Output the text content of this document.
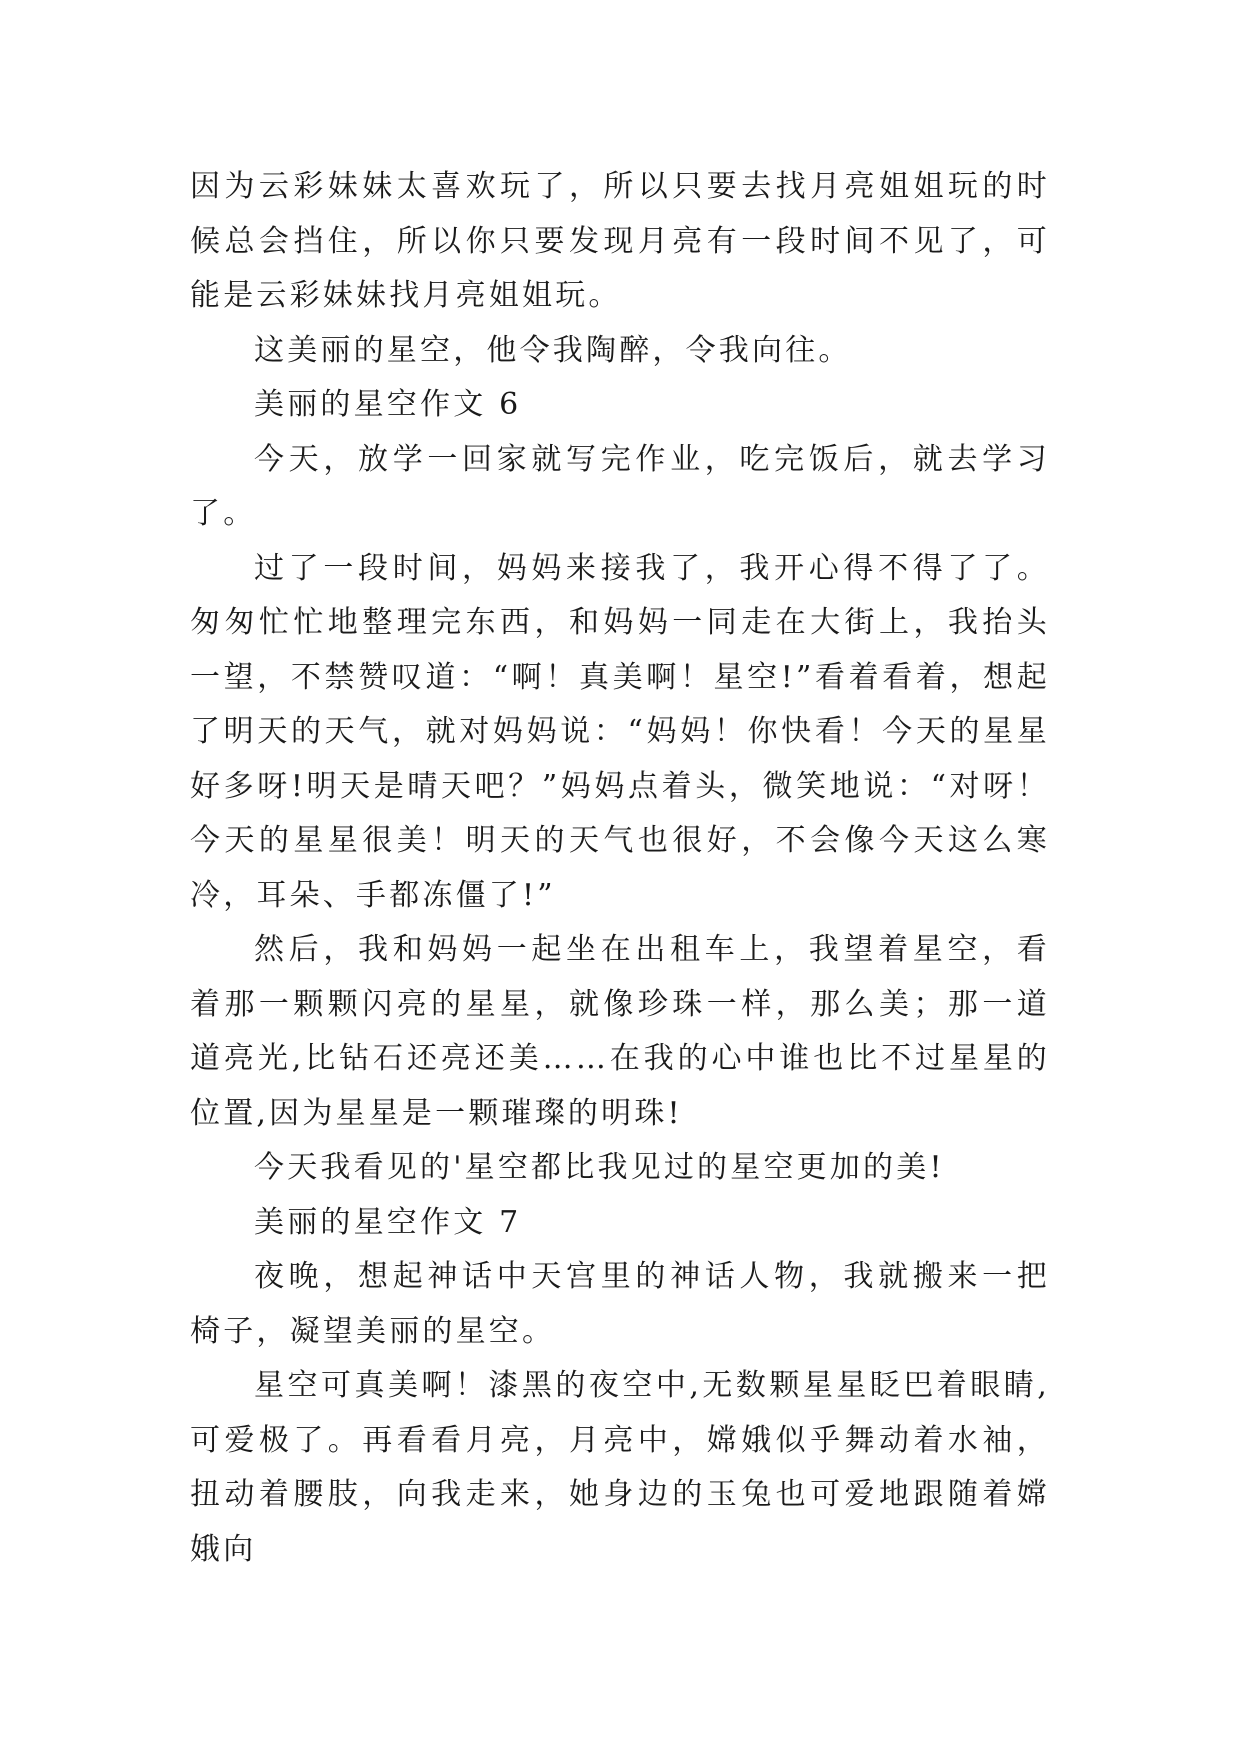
因为云彩妹妹太喜欢玩了，所以只要去找月亮姐姐玩的时候总会挡住，所以你只要发现月亮有一段时间不见了，可能是云彩妹妹找月亮姐姐玩。

这美丽的星空，他令我陶醉，令我向往。

美丽的星空作文 6

今天，放学一回家就写完作业，吃完饭后，就去学习了。

过了一段时间，妈妈来接我了，我开心得不得了了。匆匆忙忙地整理完东西，和妈妈一同走在大街上，我抬头一望，不禁赞叹道：“啊！真美啊！星空!”看着看着，想起了明天的天气，就对妈妈说：“妈妈！你快看！今天的星星好多呀!明天是晴天吧？”妈妈点着头，微笑地说：“对呀！今天的星星很美！明天的天气也很好，不会像今天这么寒冷，耳朵、手都冻僵了!”

然后，我和妈妈一起坐在出租车上，我望着星空，看着那一颗颗闪亮的星星，就像珍珠一样，那么美；那一道道亮光,比钻石还亮还美……在我的心中谁也比不过星星的位置,因为星星是一颗璀璨的明珠!

今天我看见的'星空都比我见过的星空更加的美!

美丽的星空作文 7

夜晚，想起神话中天宫里的神话人物，我就搬来一把椅子，凝望美丽的星空。

星空可真美啊！漆黑的夜空中,无数颗星星眨巴着眼睛,可爱极了。再看看月亮，月亮中，嫦娥似乎舞动着水袖，扭动着腰肢，向我走来，她身边的玉兔也可爱地跟随着嫦娥向
